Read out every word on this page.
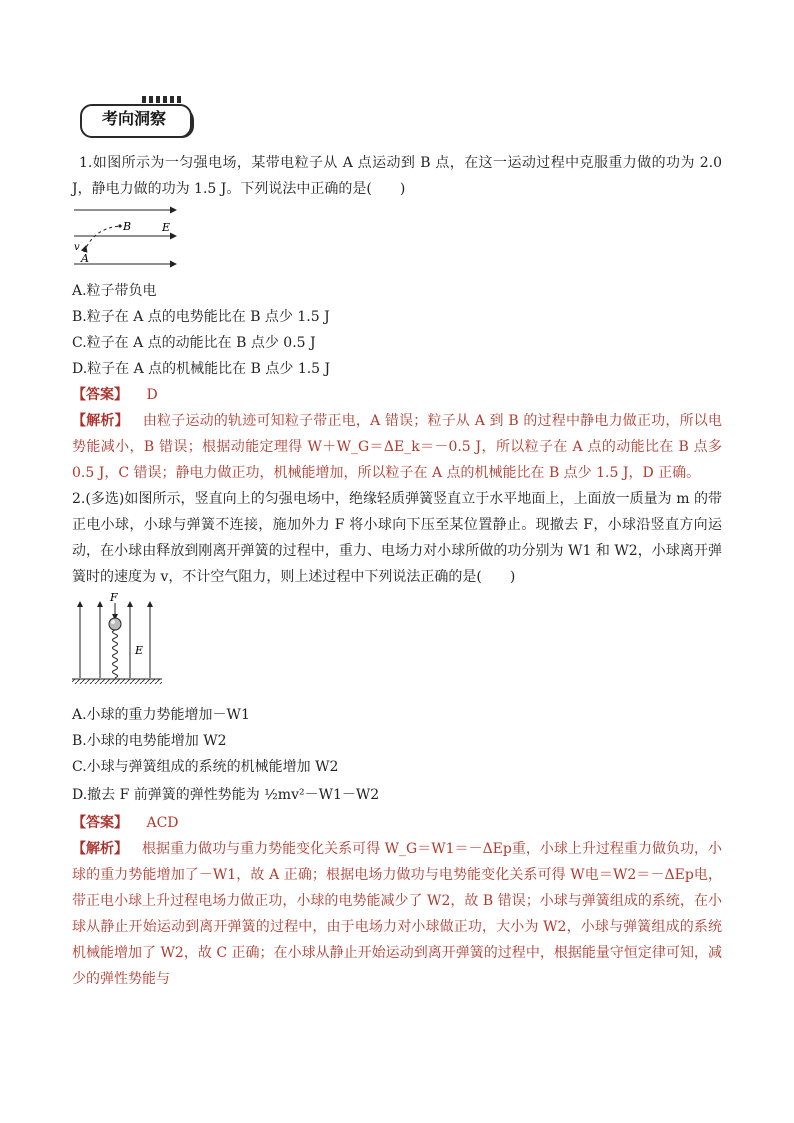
考向洞察

1.如图所示为一匀强电场，某带电粒子从 A 点运动到 B 点，在这一运动过程中克服重力做的功为 2.0 J，静电力做的功为 1.5 J。下列说法中正确的是(　　)

B	E
v
A

A.粒子带负电

B.粒子在 A 点的电势能比在 B 点少 1.5 J

C.粒子在 A 点的动能比在 B 点少 0.5 J

D.粒子在 A 点的机械能比在 B 点少 1.5 J

【答案】 D

【解析】 由粒子运动的轨迹可知粒子带正电，A 错误；粒子从 A 到 B 的过程中静电力做正功，所以电势能减小，B 错误；根据动能定理得 W＋W_G＝ΔE_k＝－0.5 J，所以粒子在 A 点的动能比在 B 点多 0.5 J，C 错误；静电力做正功，机械能增加，所以粒子在 A 点的机械能比在 B 点少 1.5 J，D 正确。

2.(多选)如图所示，竖直向上的匀强电场中，绝缘轻质弹簧竖直立于水平地面上，上面放一质量为 m 的带正电小球，小球与弹簧不连接，施加外力 F 将小球向下压至某位置静止。现撤去 F，小球沿竖直方向运动，在小球由释放到刚离开弹簧的过程中，重力、电场力对小球所做的功分别为 W1 和 W2，小球离开弹簧时的速度为 v，不计空气阻力，则上述过程中下列说法正确的是(　　)

F
E

A.小球的重力势能增加－W1

B.小球的电势能增加 W2

C.小球与弹簧组成的系统的机械能增加 W2

D.撤去 F 前弹簧的弹性势能为 ½mv²－W1－W2

【答案】 ACD

【解析】 根据重力做功与重力势能变化关系可得 W_G＝W1＝－ΔEp重，小球上升过程重力做负功，小球的重力势能增加了－W1，故 A 正确；根据电场力做功与电势能变化关系可得 W电＝W2＝－ΔEp电，带正电小球上升过程电场力做正功，小球的电势能减少了 W2，故 B 错误；小球与弹簧组成的系统，在小球从静止开始运动到离开弹簧的过程中，由于电场力对小球做正功，大小为 W2，小球与弹簧组成的系统机械能增加了 W2，故 C 正确；在小球从静止开始运动到离开弹簧的过程中，根据能量守恒定律可知，减少的弹性势能与
